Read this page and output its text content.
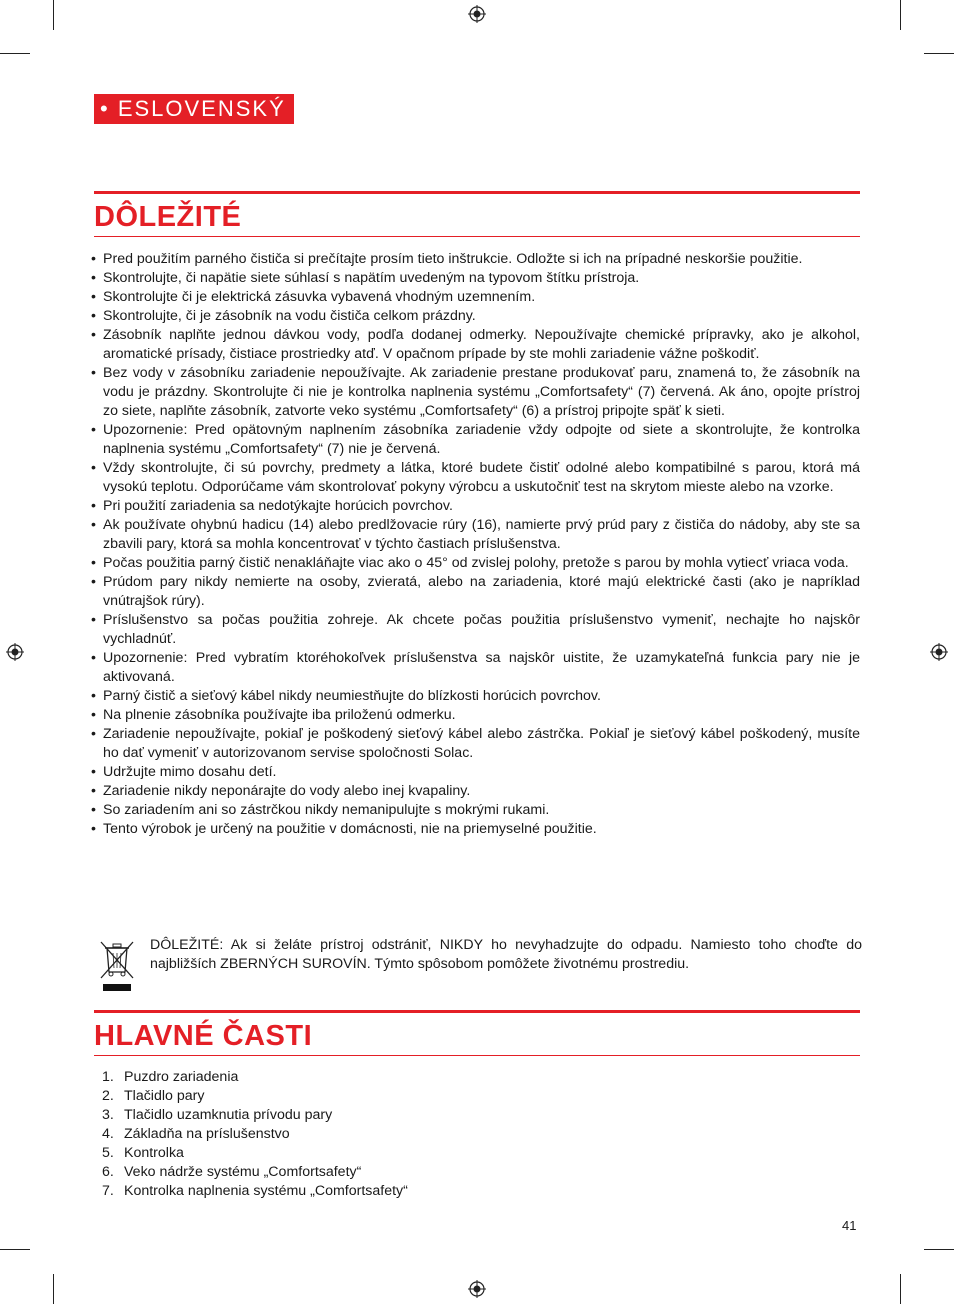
• ESLOVENSKÝ
DÔLEŽITÉ
• Pred použitím parného čističa si prečítajte prosím tieto inštrukcie. Odložte si ich na prípadné neskoršie použitie.
• Skontrolujte, či napätie siete súhlasí s napätím uvedeným na typovom štítku prístroja.
• Skontrolujte či je elektrická zásuvka vybavená vhodným uzemnením.
• Skontrolujte, či je zásobník na vodu čističa celkom prázdny.
• Zásobník naplňte jednou dávkou vody, podľa dodanej odmerky. Nepoužívajte chemické prípravky, ako je alkohol, aromatické prísady, čistiace prostriedky atď. V opačnom prípade by ste mohli zariadenie vážne poškodiť.
• Bez vody v zásobníku zariadenie nepoužívajte. Ak zariadenie prestane produkovať paru, znamená to, že zásobník na vodu je prázdny. Skontrolujte či nie je kontrolka naplnenia systému „Comfortsafety“ (7) červená. Ak áno, opojte prístroj zo siete, naplňte zásobník, zatvorte veko systému „Comfortsafety“ (6) a prístroj pripojte späť k sieti.
• Upozornenie: Pred opätovným naplnením zásobníka zariadenie vždy odpojte od siete a skontrolujte, že kontrolka naplnenia systému „Comfortsafety“ (7) nie je červená.
• Vždy skontrolujte, či sú povrchy, predmety a látka, ktoré budete čistiť odolné alebo kompatibilné s parou, ktorá má vysokú teplotu. Odporúčame vám skontrolovať pokyny výrobcu a uskutočniť test na skrytom mieste alebo na vzorke.
• Pri použití zariadenia sa nedotýkajte horúcich povrchov.
• Ak používate ohybnú hadicu (14) alebo predlžovacie rúry (16), namierte prvý prúd pary z čističa do nádoby, aby ste sa zbavili pary, ktorá sa mohla koncentrovať v týchto častiach príslušenstva.
• Počas použitia parný čistič nenakláňajte viac ako o 45° od zvislej polohy, pretože s parou by mohla vytiecť vriaca voda.
• Prúdom pary nikdy nemierte na osoby, zvieratá, alebo na zariadenia, ktoré majú elektrické časti (ako je napríklad vnútrajšok rúry).
• Príslušenstvo sa počas použitia zohreje. Ak chcete počas použitia príslušenstvo vymeniť, nechajte ho najskôr vychladnúť.
• Upozornenie: Pred vybratím ktoréhokoľvek príslušenstva sa najskôr uistite, že uzamykateľná funkcia pary nie je aktivovaná.
• Parný čistič a sieťový kábel nikdy neumiestňujte do blízkosti horúcich povrchov.
• Na plnenie zásobníka používajte iba priloženú odmerku.
• Zariadenie nepoužívajte, pokiaľ je poškodený sieťový kábel alebo zástrčka. Pokiaľ je sieťový kábel poškodený, musíte ho dať vymeniť v autorizovanom servise spoločnosti Solac.
• Udržujte mimo dosahu detí.
• Zariadenie nikdy neponárajte do vody alebo inej kvapaliny.
• So zariadením ani so zástrčkou nikdy nemanipulujte s mokrými rukami.
• Tento výrobok je určený na použitie v domácnosti, nie na priemyselné použitie.
DÔLEŽITÉ: Ak si želáte prístroj odstrániť, NIKDY ho nevyhadzujte do odpadu. Namiesto toho choďte do najbližších ZBERNÝCH SUROVÍN. Týmto spôsobom pomôžete životnému prostrediu.
HLAVNÉ ČASTI
1. Puzdro zariadenia
2. Tlačidlo pary
3. Tlačidlo uzamknutia prívodu pary
4. Základňa na príslušenstvo
5. Kontrolka
6. Veko nádrže systému „Comfortsafety“
7. Kontrolka naplnenia systému „Comfortsafety“
41
